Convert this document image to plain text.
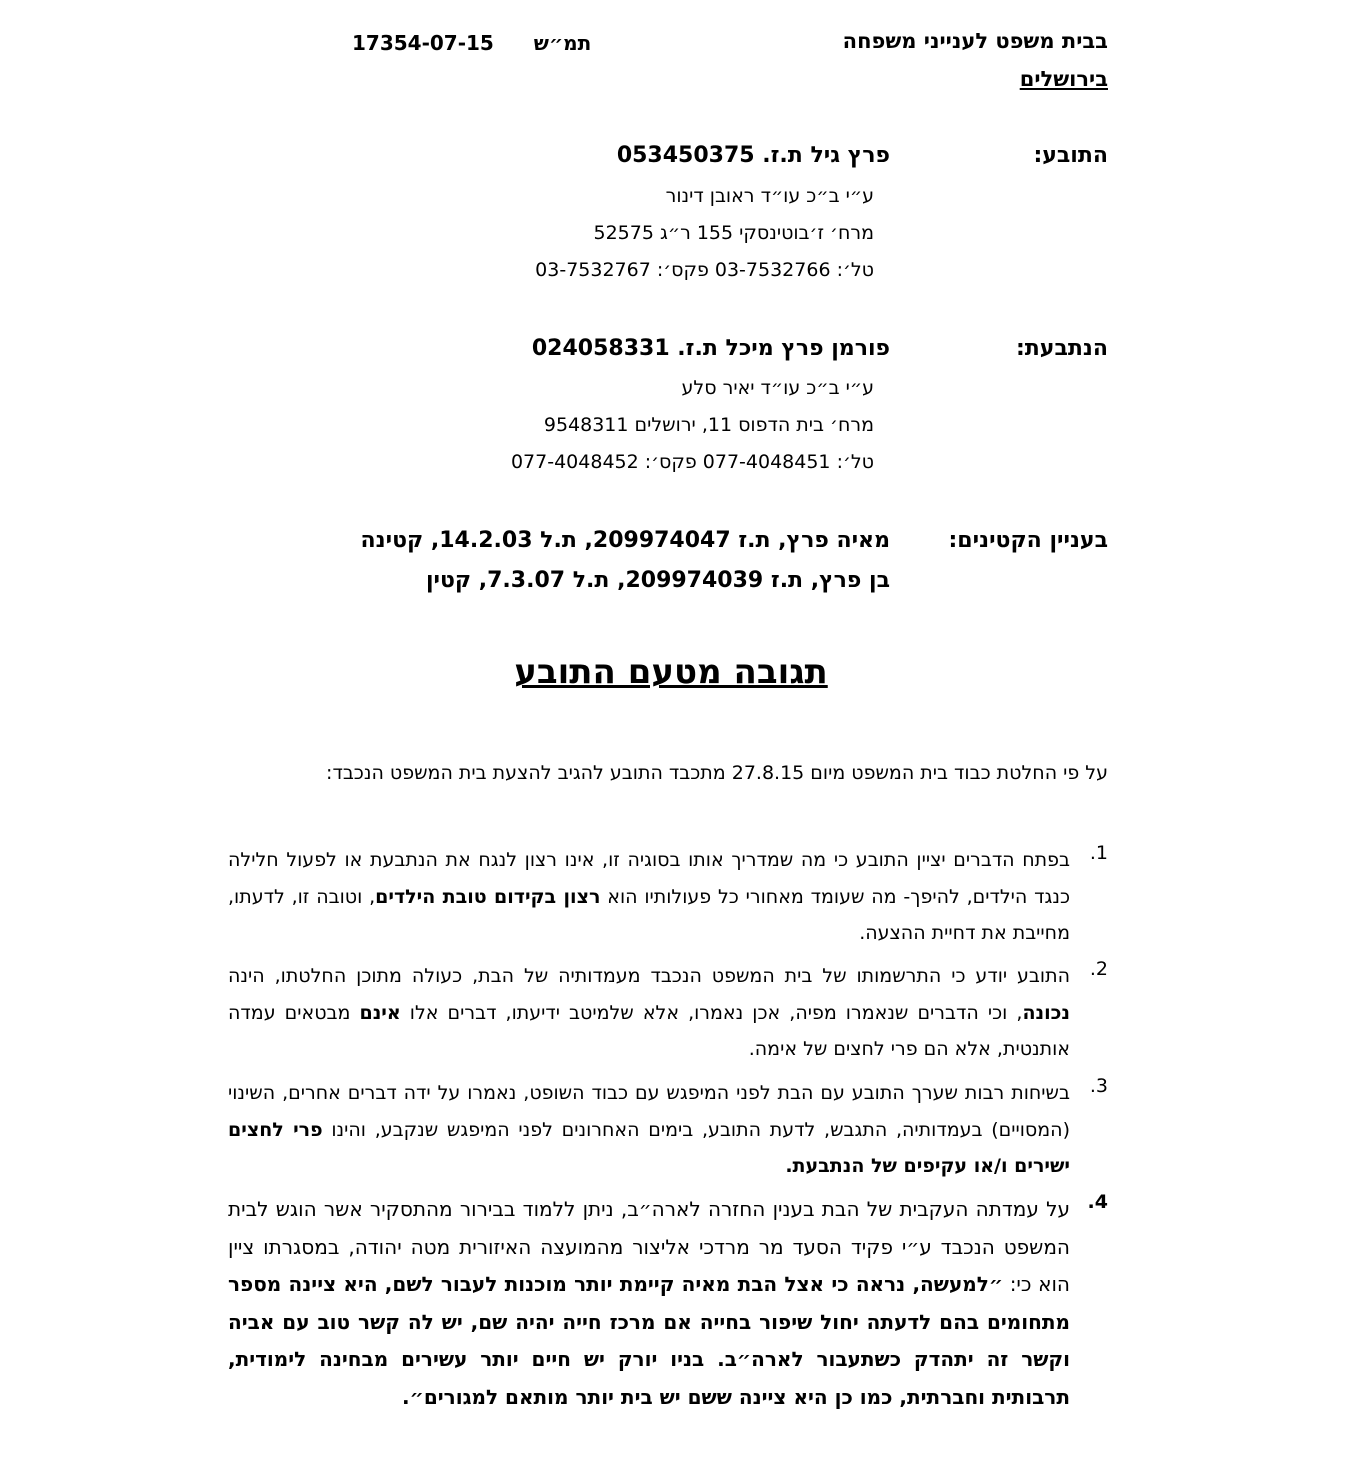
בבית משפט לענייני משפחה
17354-07-15 תמ״ש
בירושלים
התובע:
פרץ גיל ת.ז. 053450375
ע״י ב״כ עו״ד ראובן דינור
מרח׳ ז׳בוטינסקי 155 ר״ג 52575
טל׳: 03-7532766 פקס׳: 03-7532767
הנתבעת:
פורמן פרץ מיכל ת.ז. 024058331
ע״י ב״כ עו״ד יאיר סלע
מרח׳ בית הדפוס 11, ירושלים 9548311
טל׳: 077-4048451 פקס׳: 077-4048452
בעניין הקטינים:
מאיה פרץ, ת.ז 209974047, ת.ל 14.2.03, קטינה
בן פרץ, ת.ז 209974039, ת.ל 7.3.07, קטין
תגובה מטעם התובע
על פי החלטת כבוד בית המשפט מיום 27.8.15 מתכבד התובע להגיב להצעת בית המשפט הנכבד:
1.
בפתח הדברים יציין התובע כי מה שמדריך אותו בסוגיה זו, אינו רצון לנגח את הנתבעת או לפעול חלילה כנגד הילדים, להיפך- מה שעומד מאחורי כל פעולותיו הוא רצון בקידום טובת הילדים, וטובה זו, לדעתו, מחייבת את דחיית ההצעה.
2.
התובע יודע כי התרשמותו של בית המשפט הנכבד מעמדותיה של הבת, כעולה מתוכן החלטתו, הינה נכונה, וכי הדברים שנאמרו מפיה, אכן נאמרו, אלא שלמיטב ידיעתו, דברים אלו אינם מבטאים עמדה אותנטית, אלא הם פרי לחצים של אימה.
3.
בשיחות רבות שערך התובע עם הבת לפני המיפגש עם כבוד השופט, נאמרו על ידה דברים אחרים, השינוי (המסויים) בעמדותיה, התגבש, לדעת התובע, בימים האחרונים לפני המיפגש שנקבע, והינו פרי לחצים ישירים ו/או עקיפים של הנתבעת.
4.
על עמדתה העקבית של הבת בענין החזרה לארה״ב, ניתן ללמוד בבירור מהתסקיר אשר הוגש לבית המשפט הנכבד ע״י פקיד הסעד מר מרדכי אליצור מהמועצה האיזורית מטה יהודה, במסגרתו ציין הוא כי: ״למעשה, נראה כי אצל הבת מאיה קיימת יותר מוכנות לעבור לשם, היא ציינה מספר מתחומים בהם לדעתה יחול שיפור בחייה אם מרכז חייה יהיה שם, יש לה קשר טוב עם אביה וקשר זה יתהדק כשתעבור לארה״ב. בניו יורק יש חיים יותר עשירים מבחינה לימודית, תרבותית וחברתית, כמו כן היא ציינה ששם יש בית יותר מותאם למגורים״.
